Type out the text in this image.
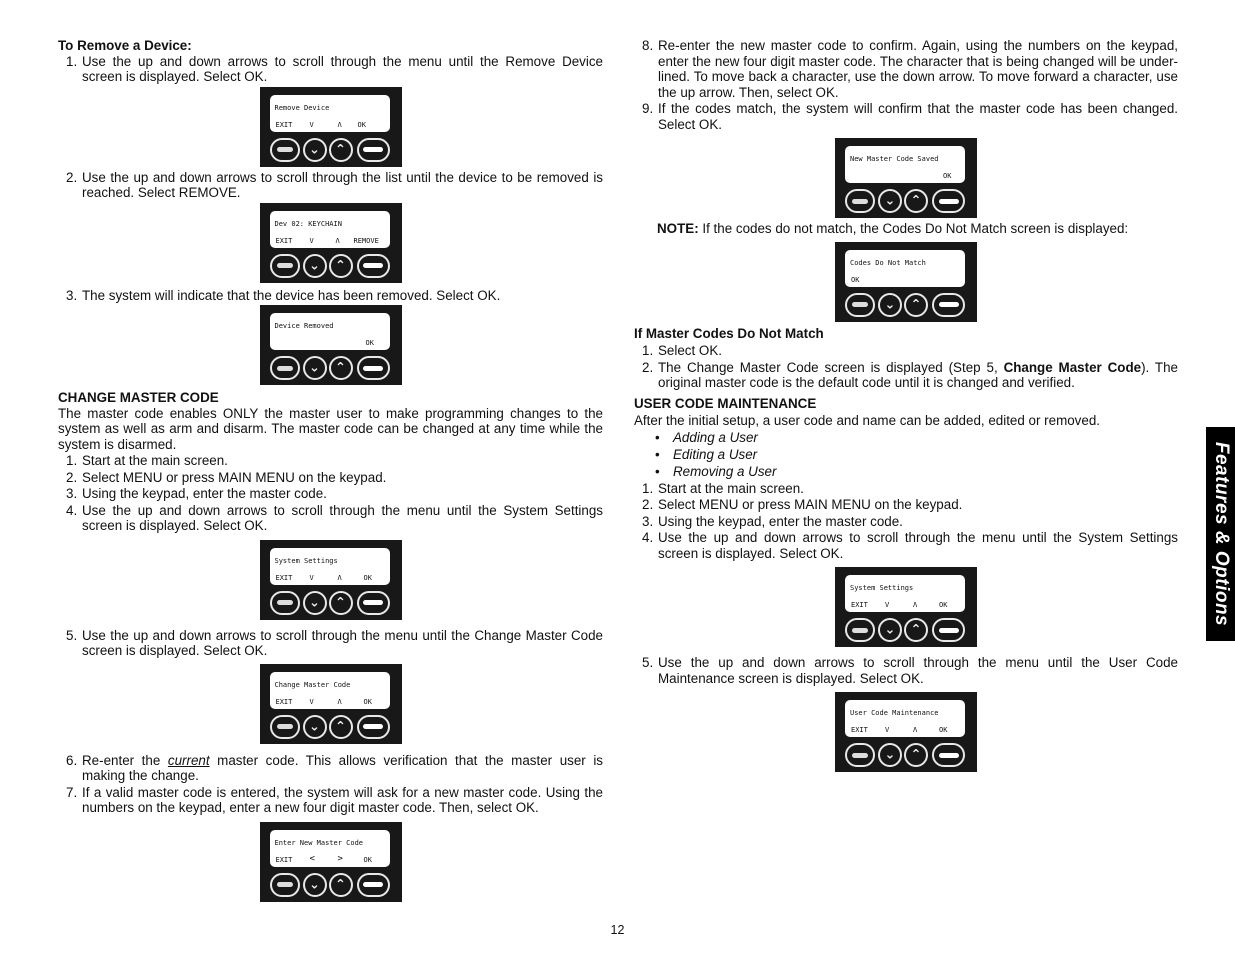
To Remove a Device:

1. Use the up and down arrows to scroll through the menu until the Remove Device screen is displayed. Select OK.
Remove Device
EXIT V	Λ OK
⌄ ⌃
2. Use the up and down arrows to scroll through the list until the device to be removed is reached. Select REMOVE.
Dev 02: KEYCHAIN
EXIT V	Λ REMOVE
⌄ ⌃
3. The system will indicate that the device has been removed. Select OK.
Device Removed
OK
⌄ ⌃

CHANGE MASTER CODE

The master code enables ONLY the master user to make programming changes to the system as well as arm and disarm. The master code can be changed at any time while the system is disarmed.

1. Start at the main screen.
2. Select MENU or press MAIN MENU on the keypad.
3. Using the keypad, enter the master code.
4. Use the up and down arrows to scroll through the menu until the System Settings screen is displayed. Select OK.
System Settings
EXIT V	Λ	OK
⌄ ⌃
5. Use the up and down arrows to scroll through the menu until the Change Master Code screen is displayed. Select OK.
Change Master Code
EXIT V	Λ	OK
⌄ ⌃
6. Re-enter the current master code. This allows verification that the master user is making the change.
7. If a valid master code is entered, the system will ask for a new master code. Using the numbers on the keypad, enter a new four digit master code. Then, select OK.
Enter New Master Code
EXIT <	>	OK
⌄ ⌃
8. Re-enter the new master code to confirm. Again, using the numbers on the keypad, enter the new four digit master code. The character that is being changed will be under-lined. To move back a character, use the down arrow. To move forward a character, use the up arrow. Then, select OK.
9. If the codes match, the system will confirm that the master code has been changed. Select OK.
New Master Code Saved
OK
⌄ ⌃

NOTE: If the codes do not match, the Codes Do Not Match screen is displayed:

Codes Do Not Match
OK
⌄ ⌃

If Master Codes Do Not Match

1. Select OK.
2. The Change Master Code screen is displayed (Step 5, Change Master Code). The original master code is the default code until it is changed and verified.

USER CODE MAINTENANCE

After the initial setup, a user code and name can be added, edited or removed.

• Adding a User
• Editing a User
• Removing a User
1. Start at the main screen.
2. Select MENU or press MAIN MENU on the keypad.
3. Using the keypad, enter the master code.
4. Use the up and down arrows to scroll through the menu until the System Settings screen is displayed. Select OK.
System Settings
EXIT V	Λ	OK
⌄ ⌃
5. Use the up and down arrows to scroll through the menu until the User Code Maintenance screen is displayed. Select OK.
User Code Maintenance
EXIT V	Λ	OK
⌄ ⌃
Features & Options
12
